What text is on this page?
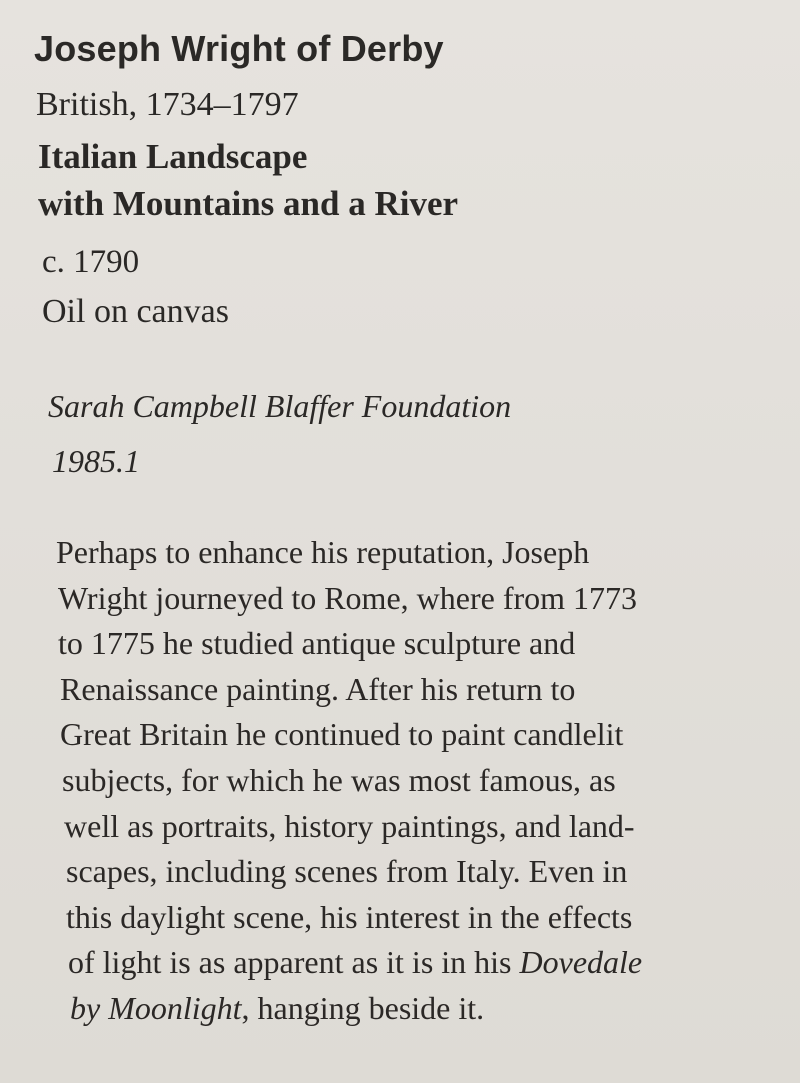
Joseph Wright of Derby
British, 1734–1797
Italian Landscape
with Mountains and a River
c. 1790
Oil on canvas
Sarah Campbell Blaffer Foundation
1985.1

Perhaps to enhance his reputation, Joseph
Wright journeyed to Rome, where from 1773
to 1775 he studied antique sculpture and
Renaissance painting. After his return to
Great Britain he continued to paint candlelit
subjects, for which he was most famous, as
well as portraits, history paintings, and land-
scapes, including scenes from Italy. Even in
this daylight scene, his interest in the effects
of light is as apparent as it is in his Dovedale
by Moonlight, hanging beside it.
